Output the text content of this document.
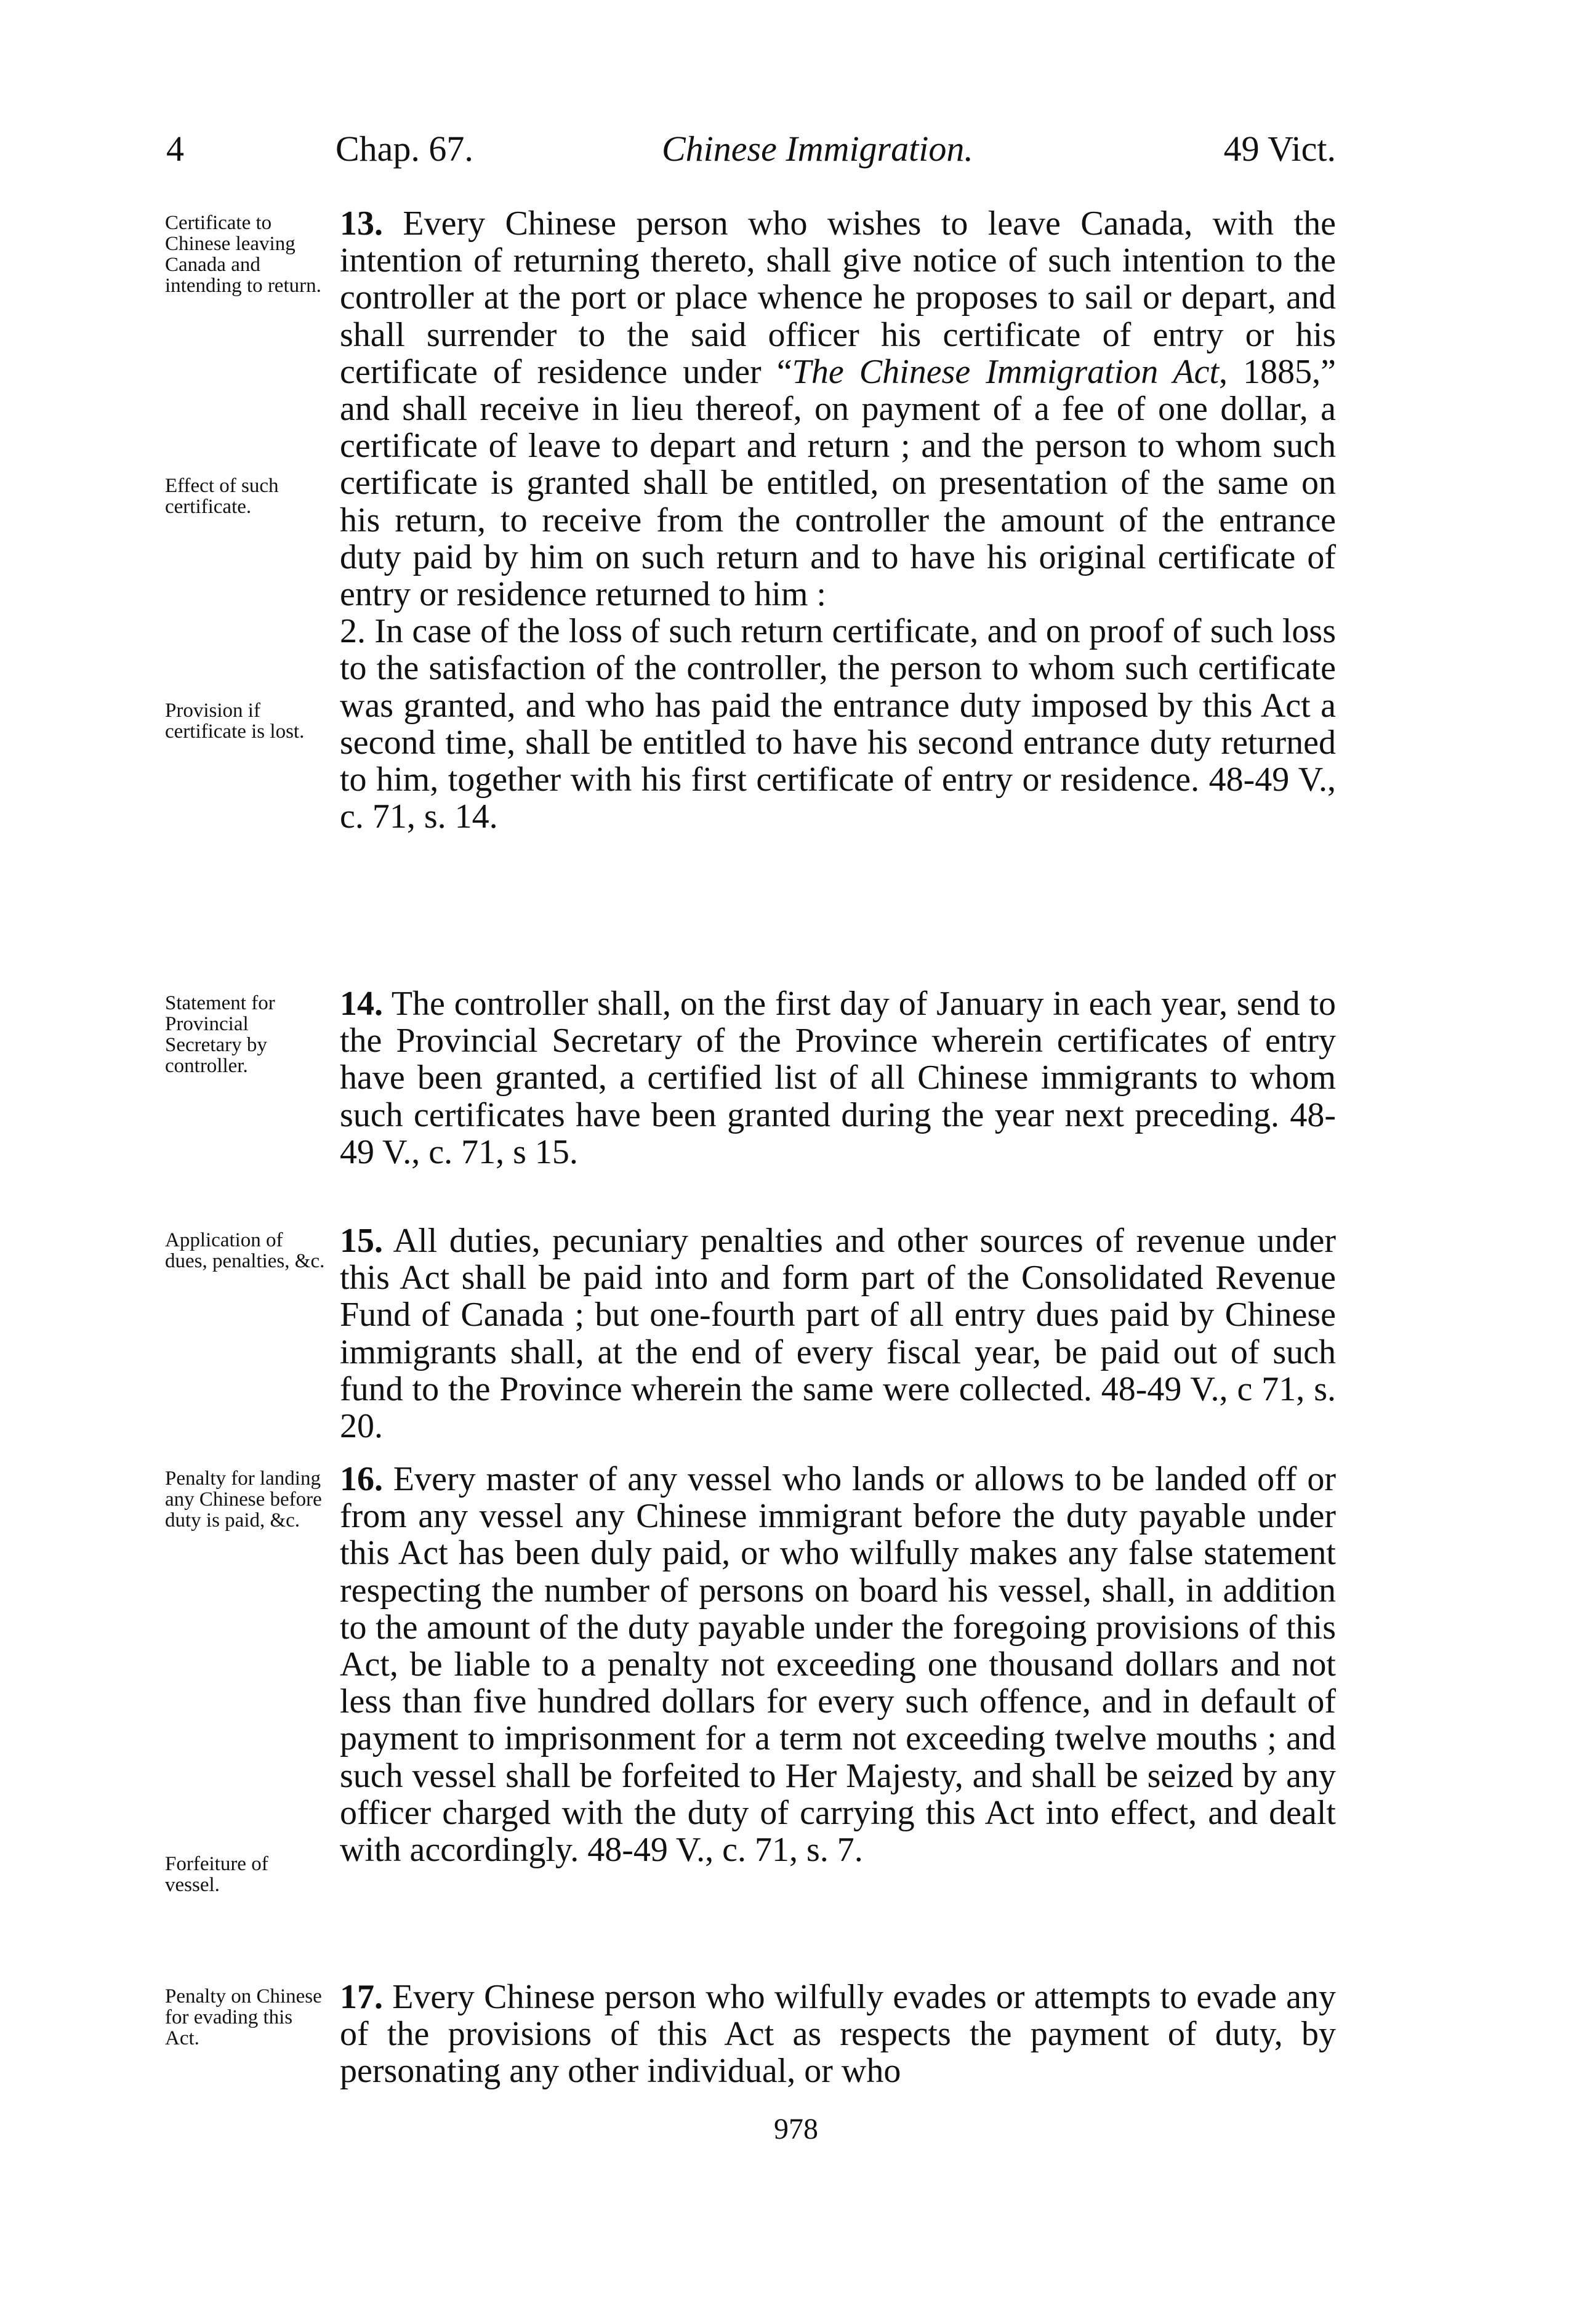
4	Chap. 67.	Chinese Immigration.	49 Vict.
Certificate to Chinese leaving Canada and intending to return.
Effect of such certificate.
Provision if certificate is lost.
Statement for Provincial Secretary by controller.
Application of dues, penalties, &c.
Penalty for landing any Chinese before duty is paid, &c.
Forfeiture of vessel.
Penalty on Chinese for evading this Act.

13. Every Chinese person who wishes to leave Canada, with the intention of returning thereto, shall give notice of such intention to the controller at the port or place whence he proposes to sail or depart, and shall surrender to the said officer his certificate of entry or his certificate of residence under “The Chinese Immigration Act, 1885,” and shall receive in lieu thereof, on payment of a fee of one dollar, a certificate of leave to depart and return ; and the person to whom such certificate is granted shall be entitled, on presentation of the same on his return, to receive from the controller the amount of the entrance duty paid by him on such return and to have his original certificate of entry or residence returned to him :

2. In case of the loss of such return certificate, and on proof of such loss to the satisfaction of the controller, the person to whom such certificate was granted, and who has paid the entrance duty imposed by this Act a second time, shall be entitled to have his second entrance duty returned to him, together with his first certificate of entry or residence. 48-49 V., c. 71, s. 14.

14. The controller shall, on the first day of January in each year, send to the Provincial Secretary of the Province wherein certificates of entry have been granted, a certified list of all Chinese immigrants to whom such certificates have been granted during the year next preceding. 48-49 V., c. 71, s 15.

15. All duties, pecuniary penalties and other sources of revenue under this Act shall be paid into and form part of the Consolidated Revenue Fund of Canada ; but one-fourth part of all entry dues paid by Chinese immigrants shall, at the end of every fiscal year, be paid out of such fund to the Province wherein the same were collected. 48-49 V., c 71, s. 20.

16. Every master of any vessel who lands or allows to be landed off or from any vessel any Chinese immigrant before the duty payable under this Act has been duly paid, or who wilfully makes any false statement respecting the number of persons on board his vessel, shall, in addition to the amount of the duty payable under the foregoing provisions of this Act, be liable to a penalty not exceeding one thousand dollars and not less than five hundred dollars for every such offence, and in default of payment to imprisonment for a term not exceeding twelve mouths ; and such vessel shall be forfeited to Her Majesty, and shall be seized by any officer charged with the duty of carrying this Act into effect, and dealt with accordingly. 48-49 V., c. 71, s. 7.

17. Every Chinese person who wilfully evades or attempts to evade any of the provisions of this Act as respects the payment of duty, by personating any other individual, or who

978
